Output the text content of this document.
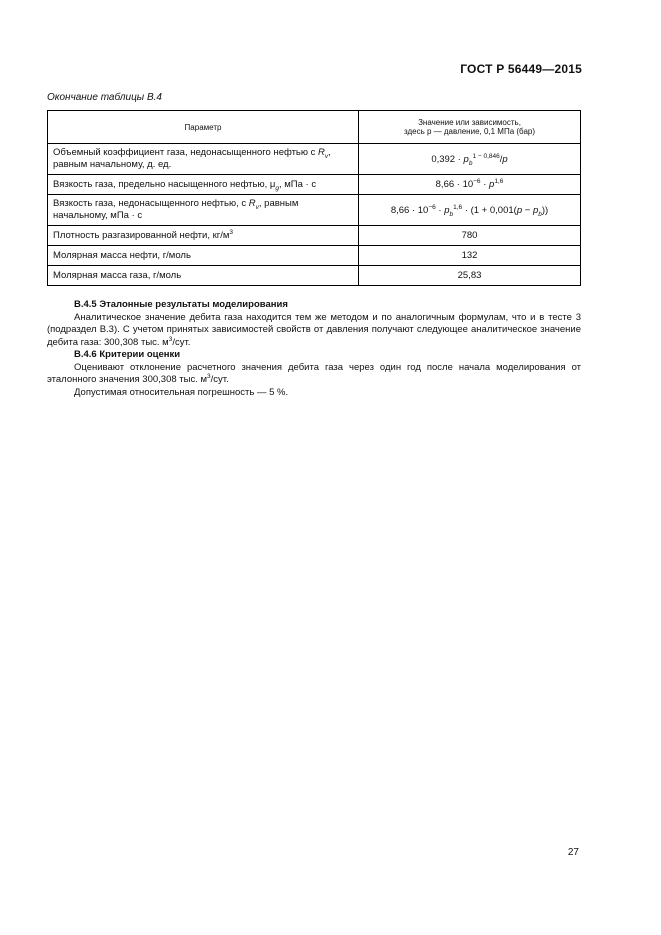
ГОСТ Р 56449—2015
Окончание таблицы В.4
Параметр	Значение или зависимость,
здесь p — давление, 0,1 МПа (бар)
Объемный коэффициент газа, недонасыщенного нефтью с $R_v$, равным начальному, д. ед.	$0,392 \cdot p_b^{1 - 0,846}/p$
Вязкость газа, предельно насыщенного нефтью, $\mu_g$, мПа · с	$8,66 \cdot 10^{-6} \cdot p^{1,6}$
Вязкость газа, недонасыщенного нефтью, с $R_v$, равным начальному, мПа · с	$8,66 \cdot 10^{-6} \cdot p_b^{1,6} \cdot (1 + 0,001(p - p_b))$
Плотность разгазированной нефти, $кг/м^3$	780
Молярная масса нефти, г/моль	132
Молярная масса газа, г/моль	25,83
В.4.5 Эталонные результаты моделирования
Аналитическое значение дебита газа находится тем же методом и по аналогичным формулам, что и в тесте 3 (подраздел В.3). С учетом принятых зависимостей свойств от давления получают следующее аналитическое значение дебита газа: 300,308 тыс. $м^3$/сут.
В.4.6 Критерии оценки
Оценивают отклонение расчетного значения дебита газа через один год после начала моделирования от эталонного значения 300,308 тыс. $м^3$/сут.
Допустимая относительная погрешность — 5 %.
27
